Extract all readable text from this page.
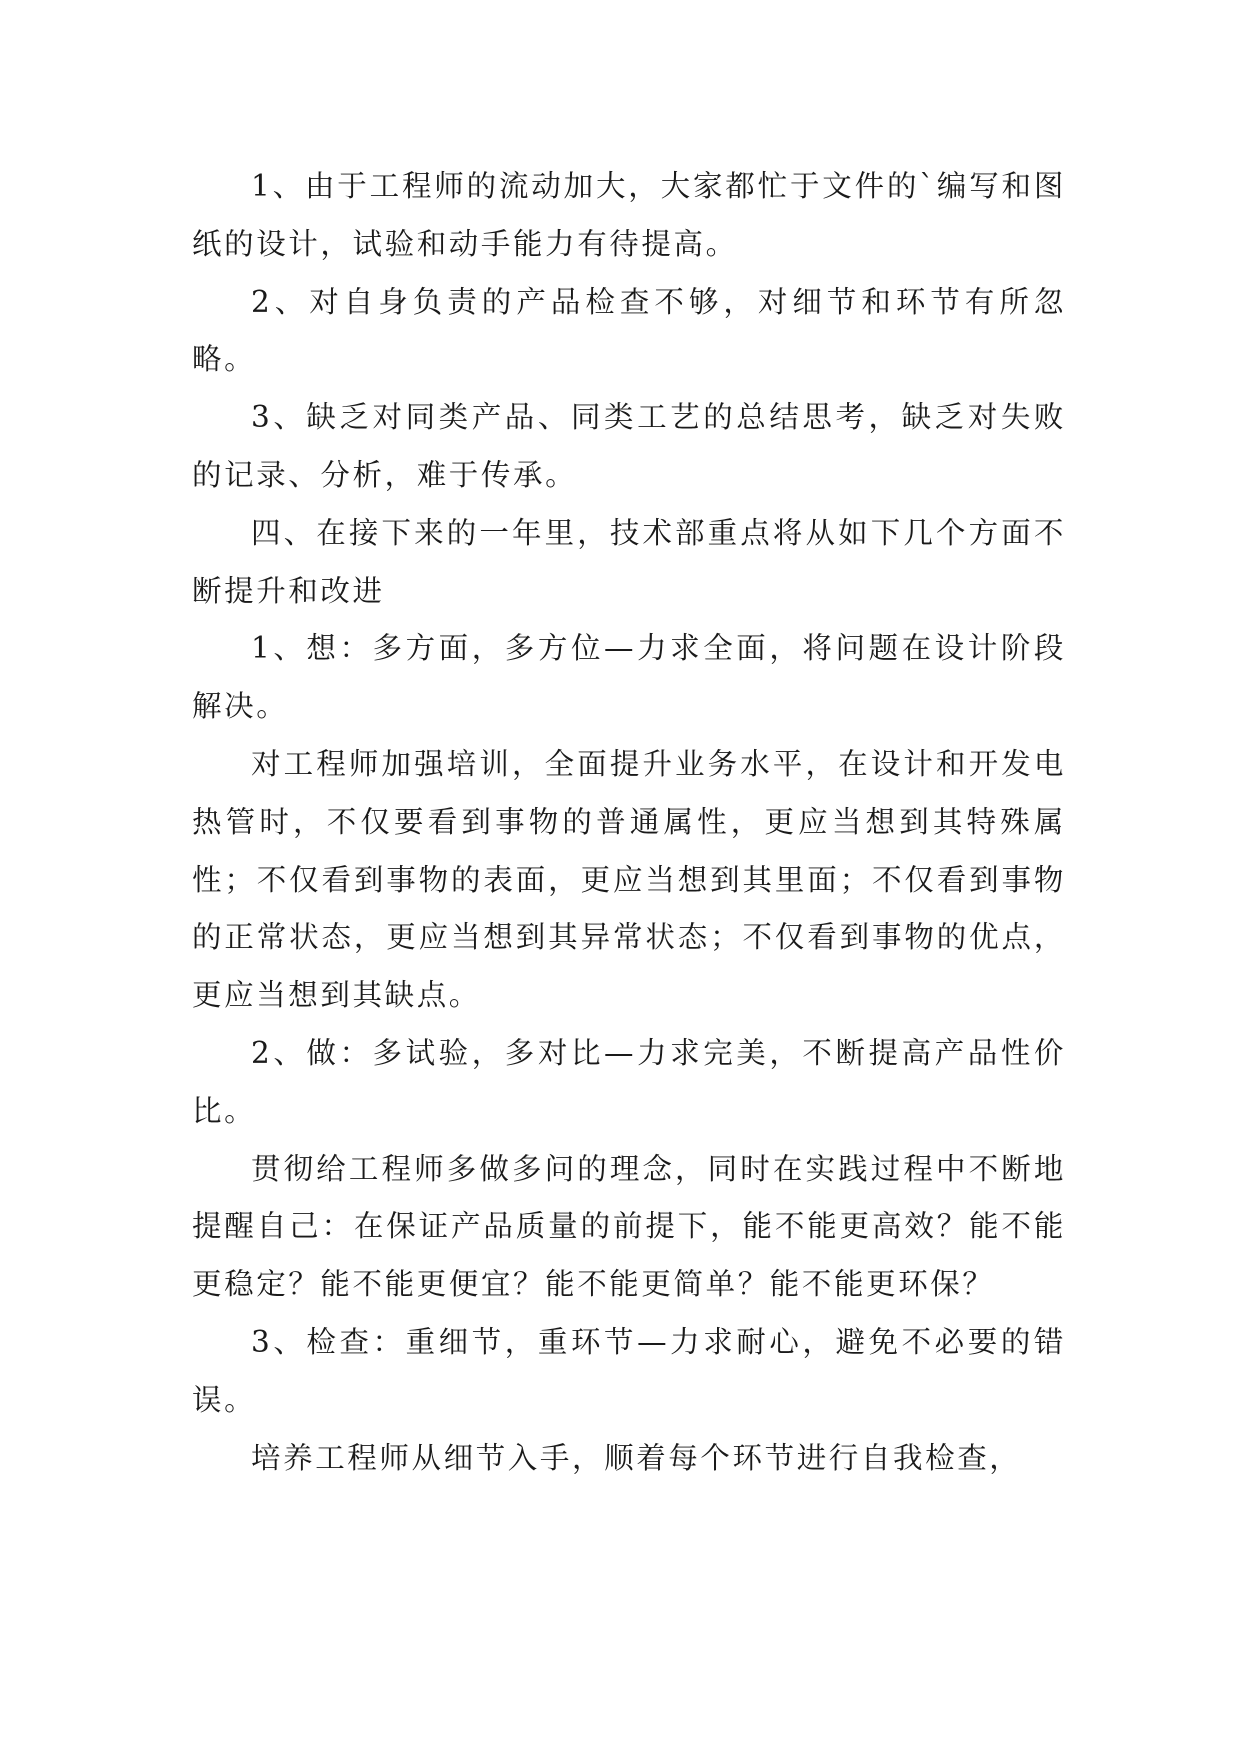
1、由于工程师的流动加大，大家都忙于文件的`编写和图纸的设计，试验和动手能力有待提高。

2、对自身负责的产品检查不够，对细节和环节有所忽略。

3、缺乏对同类产品、同类工艺的总结思考，缺乏对失败的记录、分析，难于传承。

四、在接下来的一年里，技术部重点将从如下几个方面不断提升和改进

1、想：多方面，多方位—力求全面，将问题在设计阶段解决。

对工程师加强培训，全面提升业务水平，在设计和开发电热管时，不仅要看到事物的普通属性，更应当想到其特殊属性；不仅看到事物的表面，更应当想到其里面；不仅看到事物的正常状态，更应当想到其异常状态；不仅看到事物的优点，更应当想到其缺点。

2、做：多试验，多对比—力求完美，不断提高产品性价比。

贯彻给工程师多做多问的理念，同时在实践过程中不断地提醒自己：在保证产品质量的前提下，能不能更高效？能不能更稳定？能不能更便宜？能不能更简单？能不能更环保？

3、检查：重细节，重环节—力求耐心，避免不必要的错误。

培养工程师从细节入手，顺着每个环节进行自我检查，
